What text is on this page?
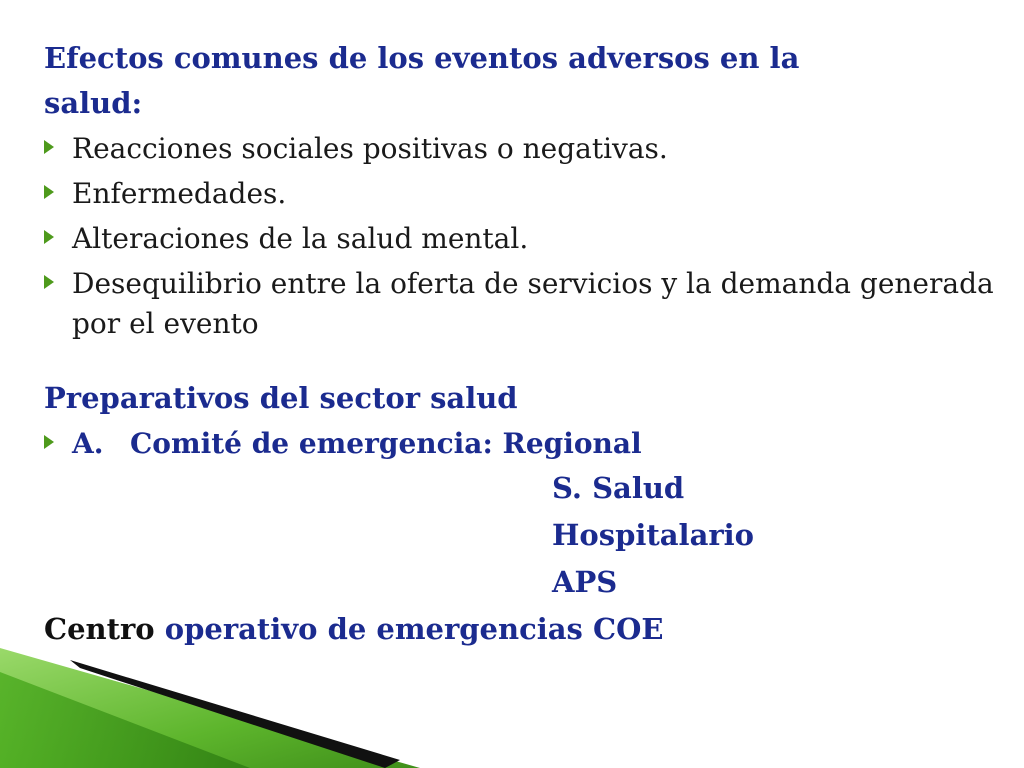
Efectos comunes de los eventos adversos en la
salud:
Reacciones sociales positivas o negativas.
Enfermedades.
Alteraciones de la salud mental.
Desequilibrio entre la oferta de servicios y la demanda generada por el evento
Preparativos del sector salud
A. Comité de emergencia: Regional
S. Salud
Hospitalario
APS
Centro operativo de emergencias COE
